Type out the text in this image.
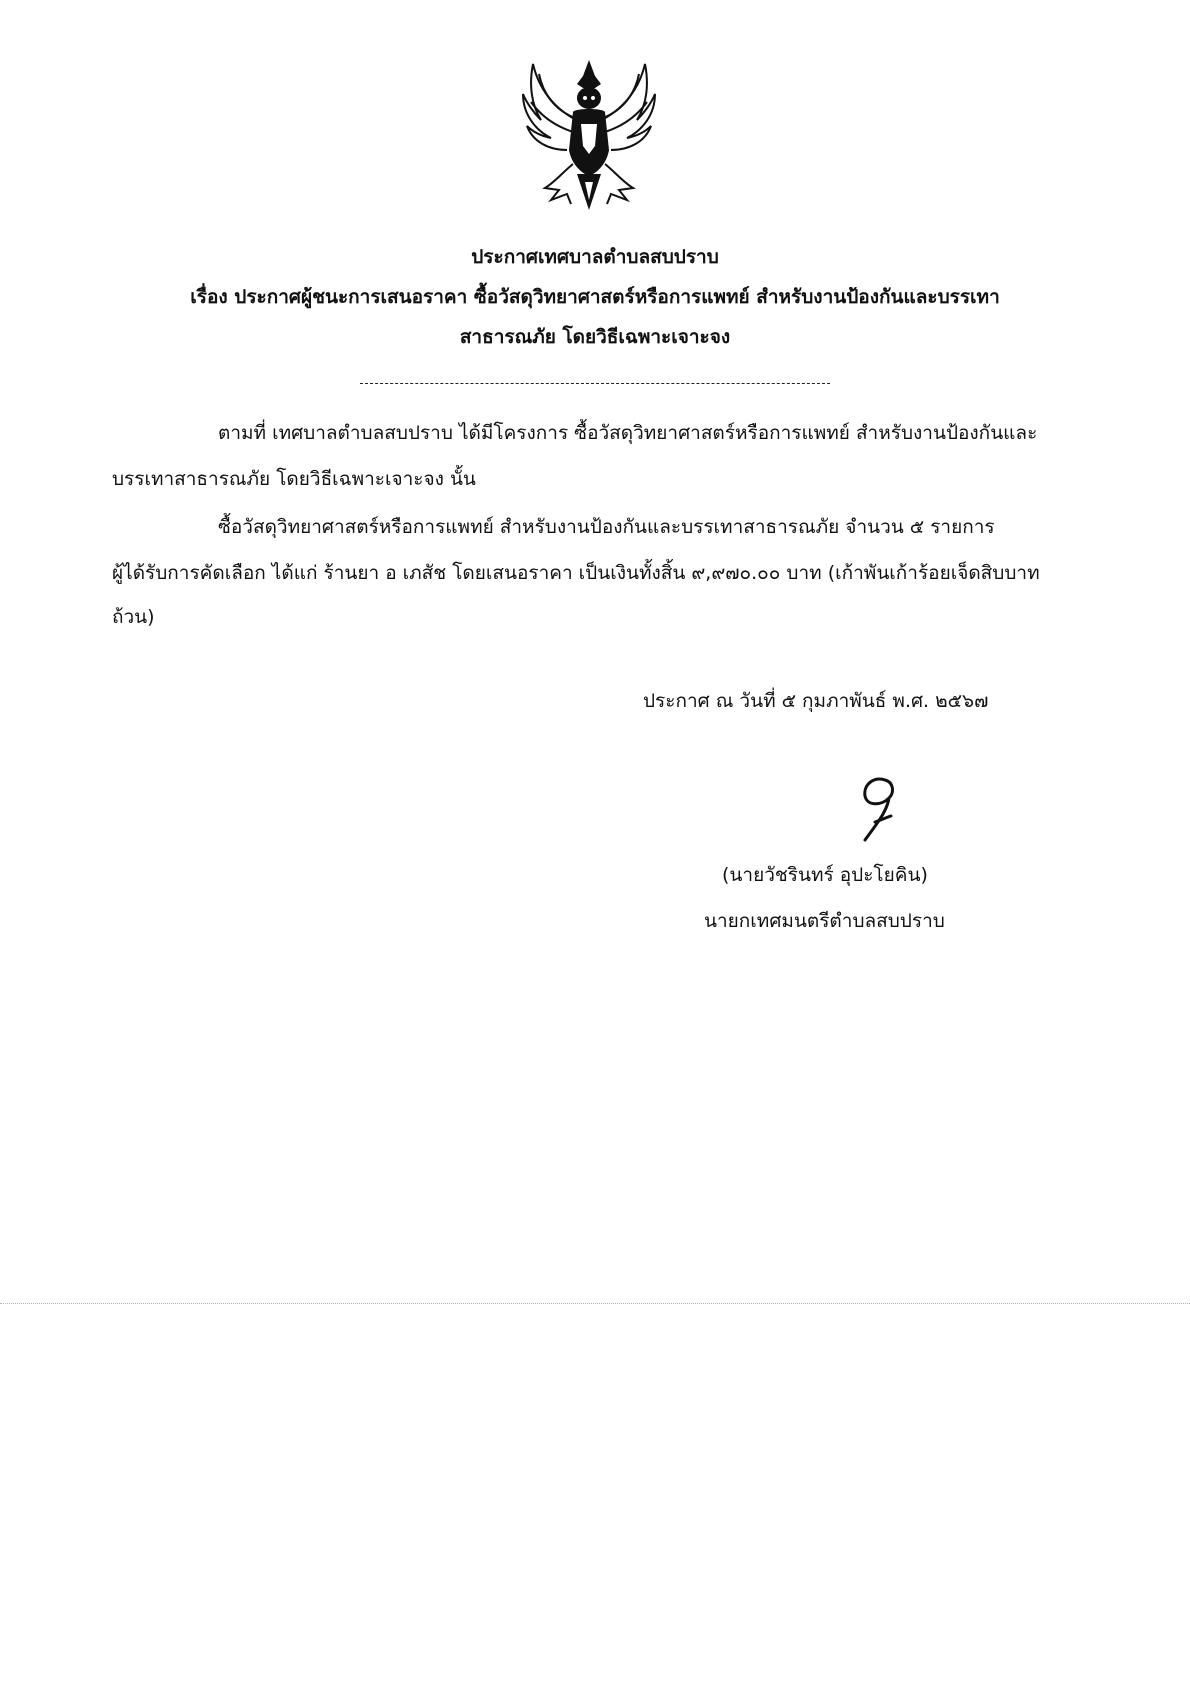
ประกาศเทศบาลตำบลสบปราบ
เรื่อง ประกาศผู้ชนะการเสนอราคา ซื้อวัสดุวิทยาศาสตร์หรือการแพทย์ สำหรับงานป้องกันและบรรเทา
สาธารณภัย โดยวิธีเฉพาะเจาะจง
ตามที่ เทศบาลตำบลสบปราบ ได้มีโครงการ ซื้อวัสดุวิทยาศาสตร์หรือการแพทย์ สำหรับงานป้องกันและ
บรรเทาสาธารณภัย โดยวิธีเฉพาะเจาะจง นั้น
ซื้อวัสดุวิทยาศาสตร์หรือการแพทย์ สำหรับงานป้องกันและบรรเทาสาธารณภัย จำนวน ๕ รายการ
ผู้ได้รับการคัดเลือก ได้แก่ ร้านยา อ เภสัช โดยเสนอราคา เป็นเงินทั้งสิ้น ๙,๙๗๐.๐๐ บาท (เก้าพันเก้าร้อยเจ็ดสิบบาท
ถ้วน)
ประกาศ ณ วันที่ ๕ กุมภาพันธ์ พ.ศ. ๒๕๖๗
(นายวัชรินทร์ อุปะโยคิน)
นายกเทศมนตรีตำบลสบปราบ
